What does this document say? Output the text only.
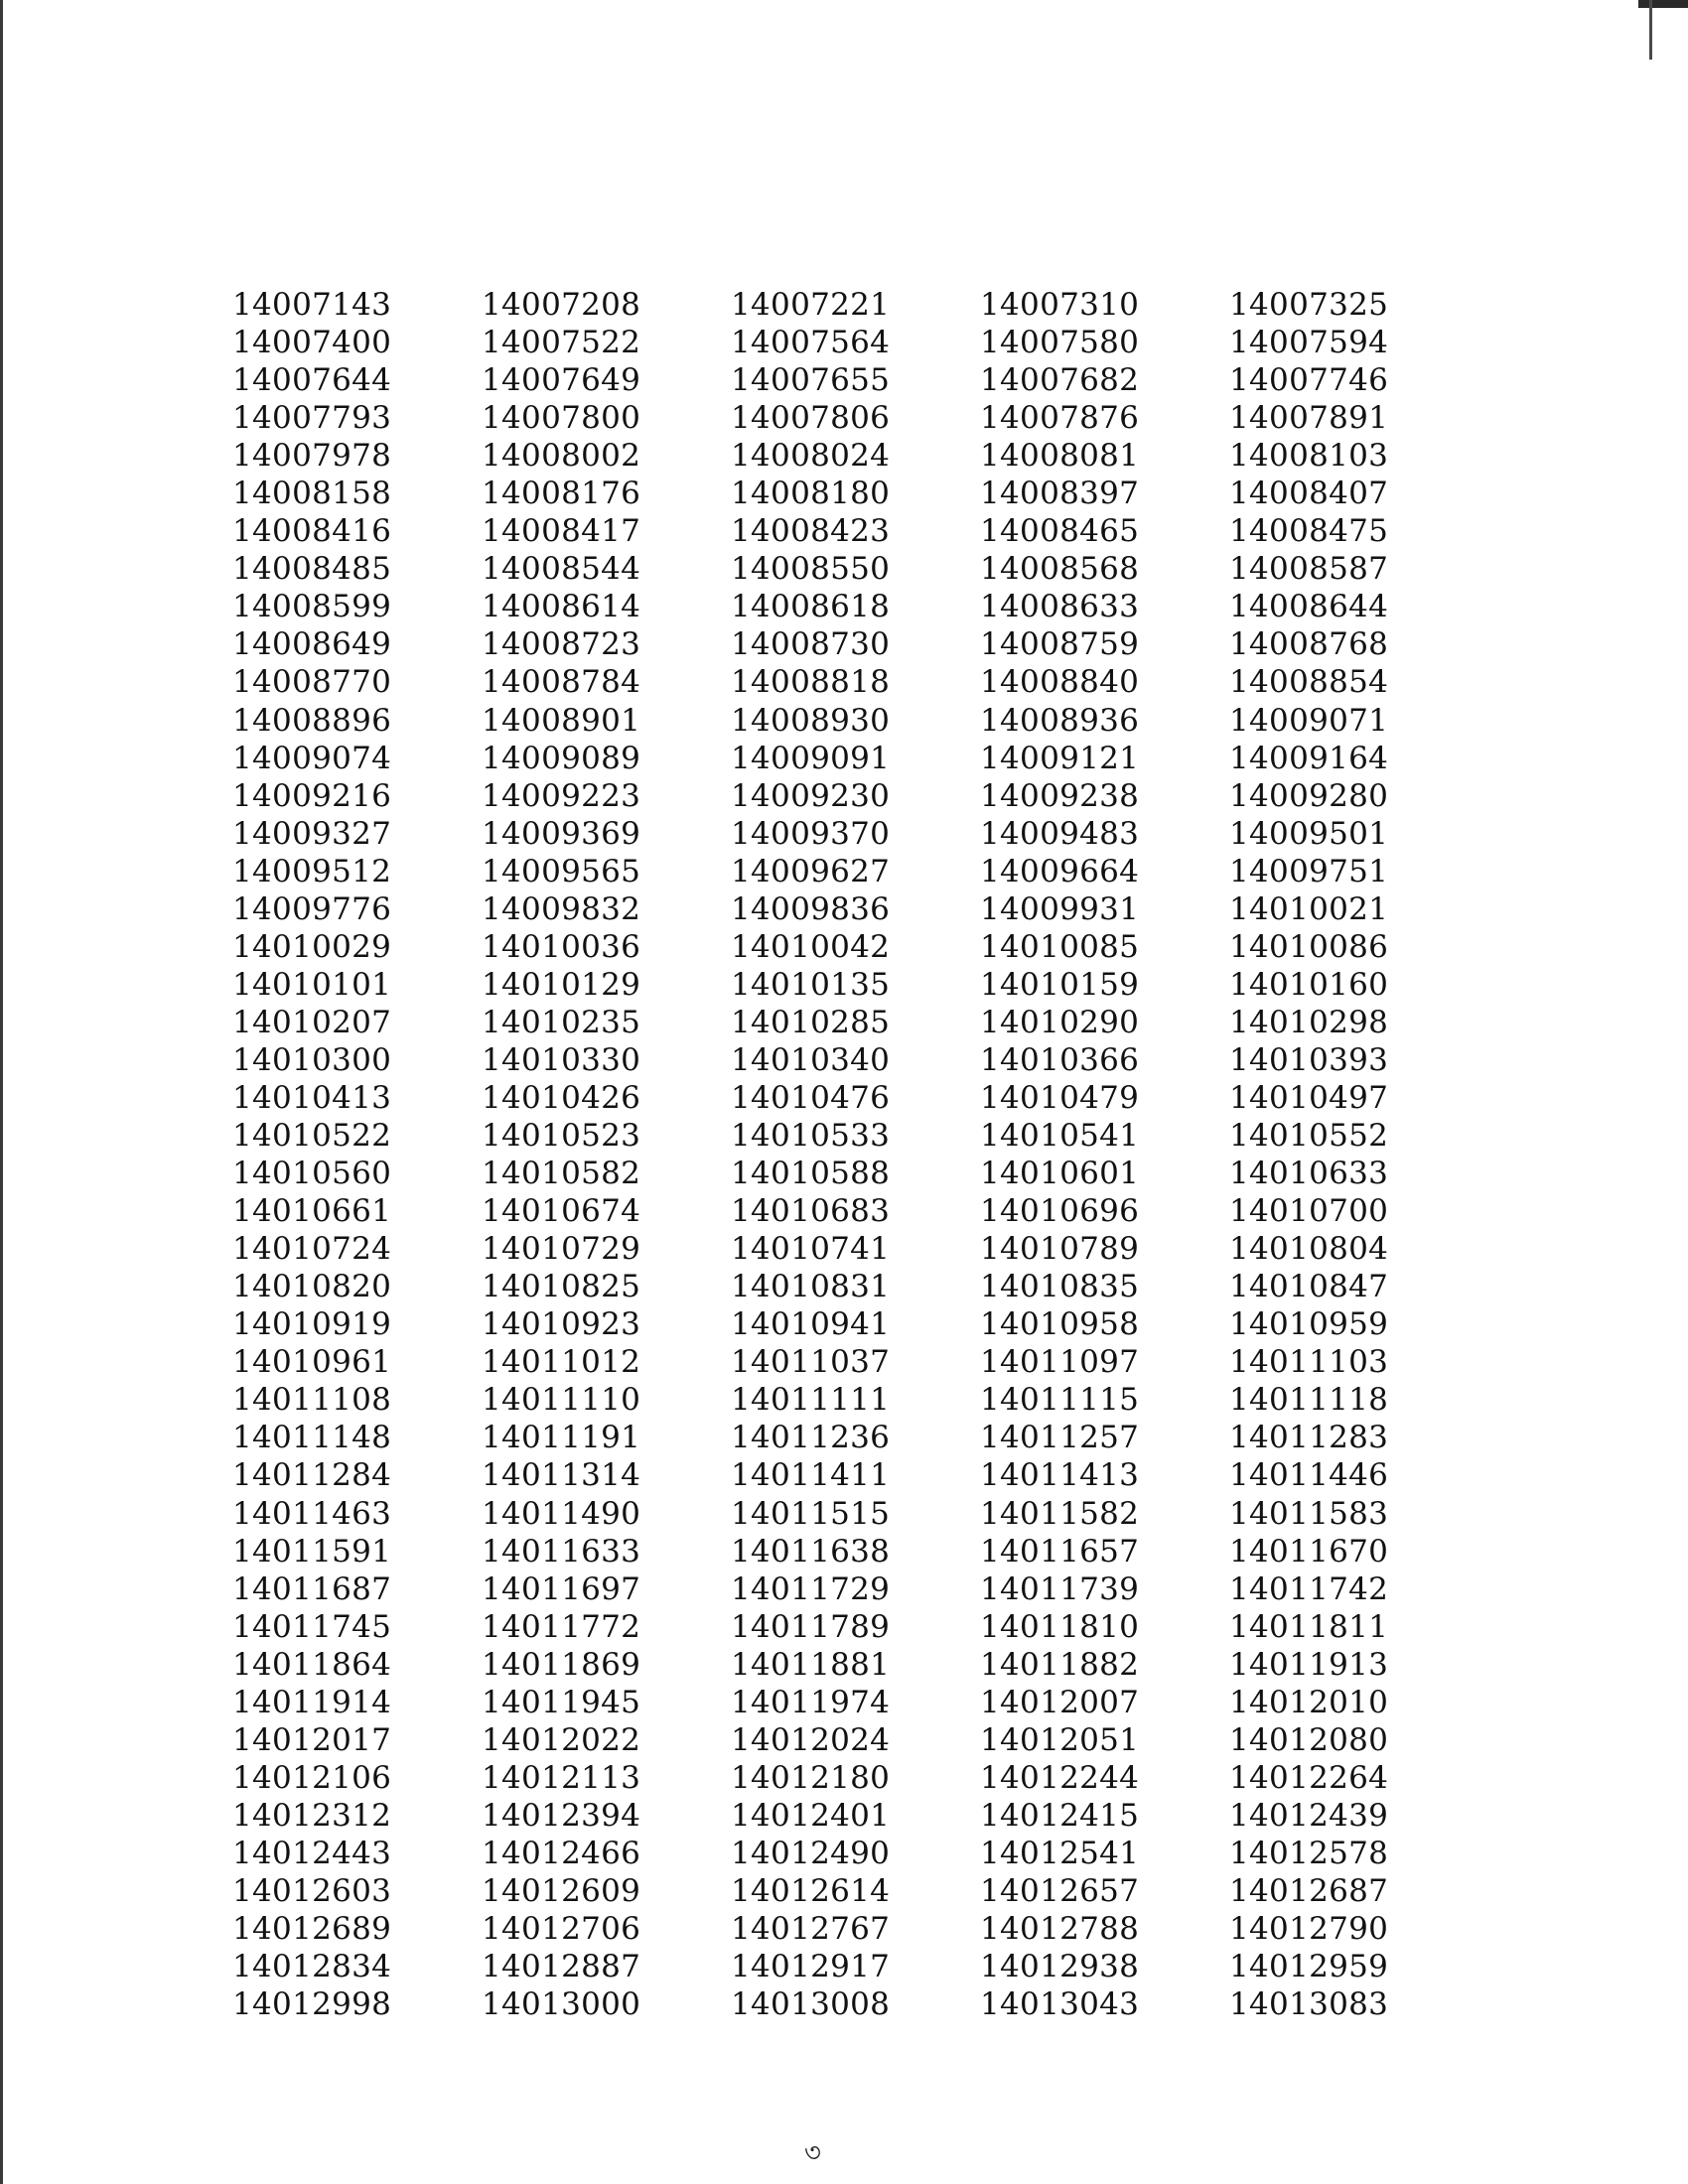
14007143	14007208	14007221	14007310	14007325
14007400	14007522	14007564	14007580	14007594
14007644	14007649	14007655	14007682	14007746
14007793	14007800	14007806	14007876	14007891
14007978	14008002	14008024	14008081	14008103
14008158	14008176	14008180	14008397	14008407
14008416	14008417	14008423	14008465	14008475
14008485	14008544	14008550	14008568	14008587
14008599	14008614	14008618	14008633	14008644
14008649	14008723	14008730	14008759	14008768
14008770	14008784	14008818	14008840	14008854
14008896	14008901	14008930	14008936	14009071
14009074	14009089	14009091	14009121	14009164
14009216	14009223	14009230	14009238	14009280
14009327	14009369	14009370	14009483	14009501
14009512	14009565	14009627	14009664	14009751
14009776	14009832	14009836	14009931	14010021
14010029	14010036	14010042	14010085	14010086
14010101	14010129	14010135	14010159	14010160
14010207	14010235	14010285	14010290	14010298
14010300	14010330	14010340	14010366	14010393
14010413	14010426	14010476	14010479	14010497
14010522	14010523	14010533	14010541	14010552
14010560	14010582	14010588	14010601	14010633
14010661	14010674	14010683	14010696	14010700
14010724	14010729	14010741	14010789	14010804
14010820	14010825	14010831	14010835	14010847
14010919	14010923	14010941	14010958	14010959
14010961	14011012	14011037	14011097	14011103
14011108	14011110	14011111	14011115	14011118
14011148	14011191	14011236	14011257	14011283
14011284	14011314	14011411	14011413	14011446
14011463	14011490	14011515	14011582	14011583
14011591	14011633	14011638	14011657	14011670
14011687	14011697	14011729	14011739	14011742
14011745	14011772	14011789	14011810	14011811
14011864	14011869	14011881	14011882	14011913
14011914	14011945	14011974	14012007	14012010
14012017	14012022	14012024	14012051	14012080
14012106	14012113	14012180	14012244	14012264
14012312	14012394	14012401	14012415	14012439
14012443	14012466	14012490	14012541	14012578
14012603	14012609	14012614	14012657	14012687
14012689	14012706	14012767	14012788	14012790
14012834	14012887	14012917	14012938	14012959
14012998	14013000	14013008	14013043	14013083
৩
